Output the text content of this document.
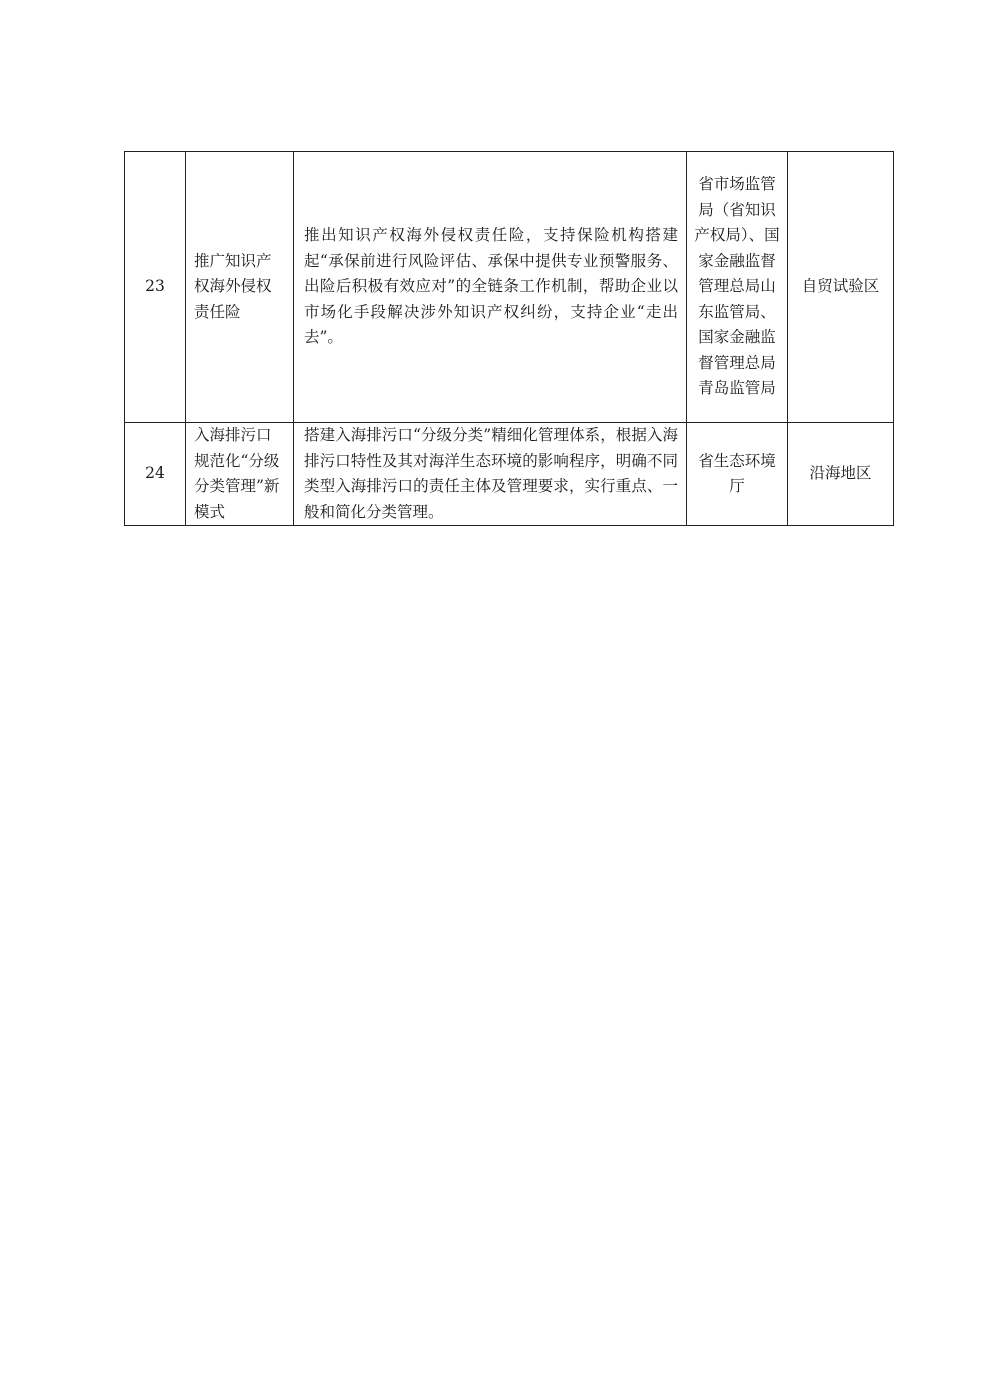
23	推广知识产权海外侵权责任险	推出知识产权海外侵权责任险，支持保险机构搭建起“承保前进行风险评估、承保中提供专业预警服务、出险后积极有效应对”的全链条工作机制，帮助企业以市场化手段解决涉外知识产权纠纷，支持企业“走出去”。	省市场监管局（省知识产权局）、国家金融监督管理总局山东监管局、国家金融监督管理总局青岛监管局	自贸试验区
24	入海排污口规范化“分级分类管理”新模式	搭建入海排污口“分级分类”精细化管理体系，根据入海排污口特性及其对海洋生态环境的影响程序，明确不同类型入海排污口的责任主体及管理要求，实行重点、一般和简化分类管理。	省生态环境厅	沿海地区
